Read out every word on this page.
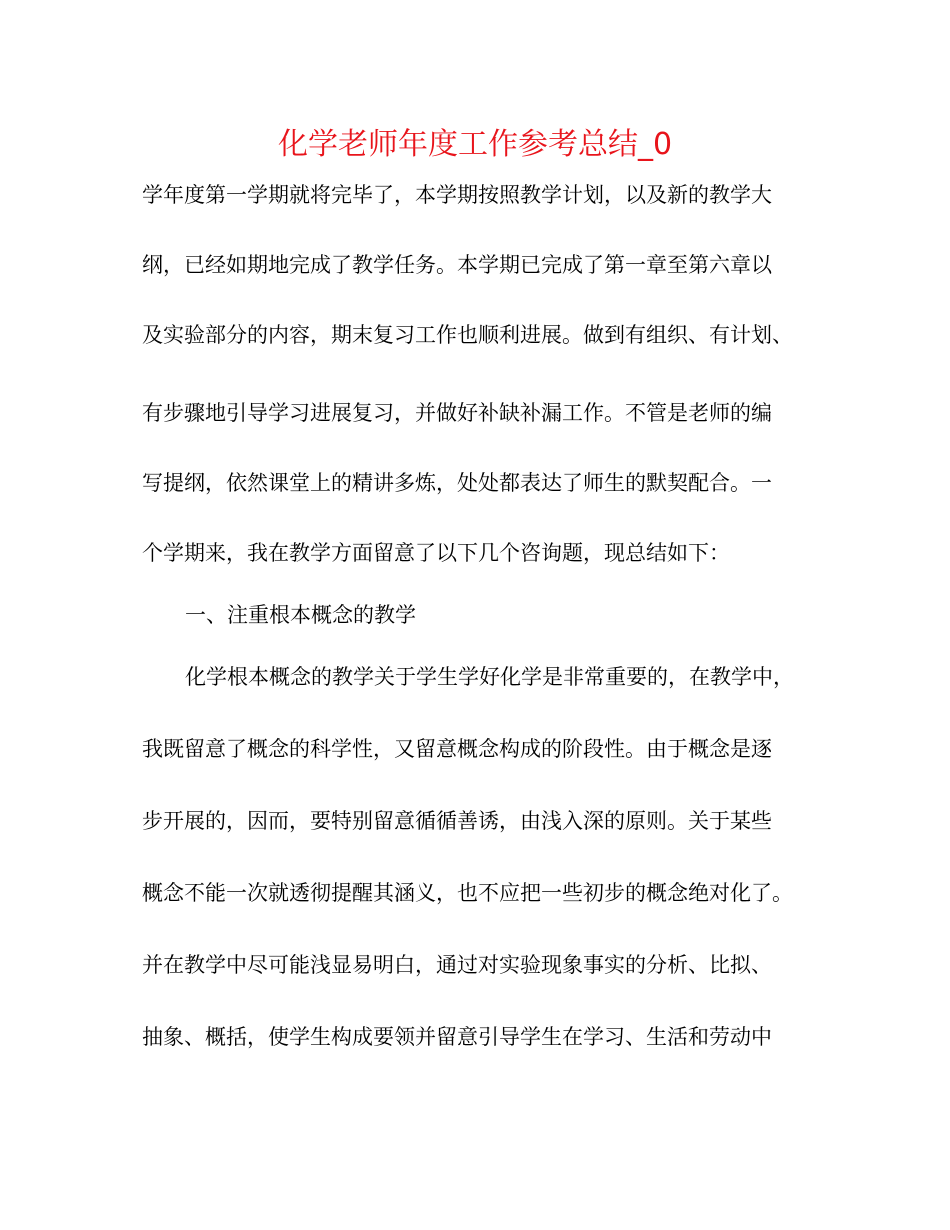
化学老师年度工作参考总结_0
学年度第一学期就将完毕了，本学期按照教学计划，以及新的教学大
纲，已经如期地完成了教学任务。本学期已完成了第一章至第六章以
及实验部分的内容，期末复习工作也顺利进展。做到有组织、有计划、
有步骤地引导学习进展复习，并做好补缺补漏工作。不管是老师的编
写提纲，依然课堂上的精讲多炼，处处都表达了师生的默契配合。一
个学期来，我在教学方面留意了以下几个咨询题，现总结如下：
一、注重根本概念的教学
化学根本概念的教学关于学生学好化学是非常重要的，在教学中，
我既留意了概念的科学性，又留意概念构成的阶段性。由于概念是逐
步开展的，因而，要特别留意循循善诱，由浅入深的原则。关于某些
概念不能一次就透彻提醒其涵义，也不应把一些初步的概念绝对化了。
并在教学中尽可能浅显易明白，通过对实验现象事实的分析、比拟、
抽象、概括，使学生构成要领并留意引导学生在学习、生活和劳动中
